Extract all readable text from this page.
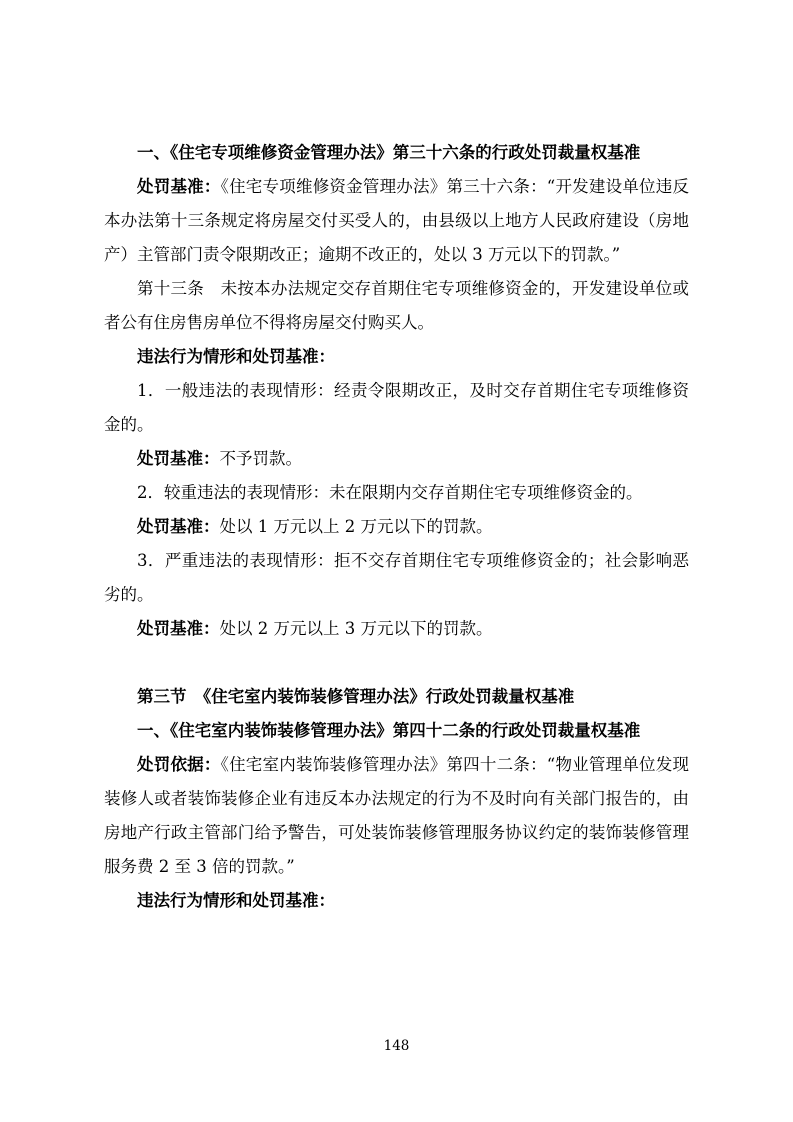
一、《住宅专项维修资金管理办法》第三十六条的行政处罚裁量权基准

处罚基准：《住宅专项维修资金管理办法》第三十六条：“开发建设单位违反本办法第十三条规定将房屋交付买受人的，由县级以上地方人民政府建设（房地产）主管部门责令限期改正；逾期不改正的，处以 3 万元以下的罚款。”

第十三条　未按本办法规定交存首期住宅专项维修资金的，开发建设单位或者公有住房售房单位不得将房屋交付购买人。

违法行为情形和处罚基准：

1．一般违法的表现情形：经责令限期改正，及时交存首期住宅专项维修资金的。

处罚基准：不予罚款。

2．较重违法的表现情形：未在限期内交存首期住宅专项维修资金的。

处罚基准：处以 1 万元以上 2 万元以下的罚款。

3．严重违法的表现情形：拒不交存首期住宅专项维修资金的；社会影响恶劣的。

处罚基准：处以 2 万元以上 3 万元以下的罚款。

第三节　《住宅室内装饰装修管理办法》行政处罚裁量权基准

一、《住宅室内装饰装修管理办法》第四十二条的行政处罚裁量权基准

处罚依据：《住宅室内装饰装修管理办法》第四十二条：“物业管理单位发现装修人或者装饰装修企业有违反本办法规定的行为不及时向有关部门报告的，由房地产行政主管部门给予警告，可处装饰装修管理服务协议约定的装饰装修管理服务费 2 至 3 倍的罚款。”

违法行为情形和处罚基准：

148
